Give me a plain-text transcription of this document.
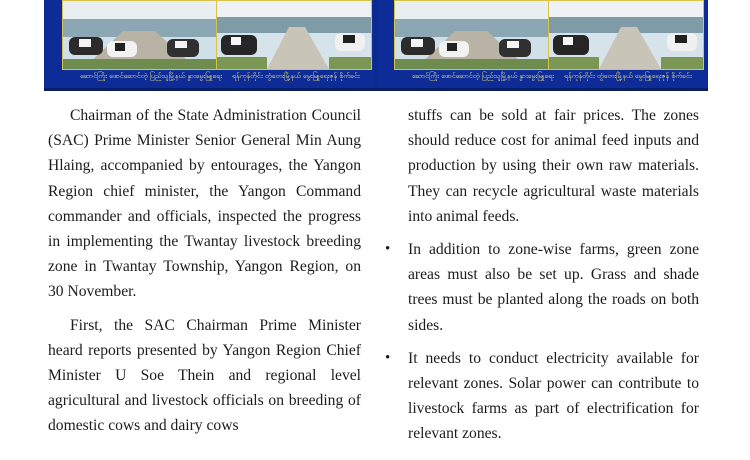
ဆောင်ကြိုး ဖောင်ဆောင်တဲ့ ပြည်သူမြို့နယ် နွားမွေးမြူရေး ရန်ကုန်တိုင်း တွံတေးမြို့နယ် မွေးမြူရေးဇုန် စိုက်ခင်း	ဆောင်ကြိုး ဖောင်ဆောင်တဲ့ ပြည်သူမြို့နယ် နွားမွေးမြူရေး ရန်ကုန်တိုင်း တွံတေးမြို့နယ် မွေးမြူရေးဇုန် စိုက်ခင်း

Chairman of the State Administration Council (SAC) Prime Minister Senior General Min Aung Hlaing, accompanied by entourages, the Yangon Region chief minister, the Yangon Command commander and officials, inspected the progress in implementing the Twantay livestock breeding zone in Twantay Township, Yangon Region, on 30 November.

First, the SAC Chairman Prime Minister heard reports presented by Yangon Region Chief Minister U Soe Thein and regional level agricultural and livestock officials on breeding of domestic cows and dairy cows

stuffs can be sold at fair prices. The zones should reduce cost for animal feed inputs and production by using their own raw materials. They can recycle agricultural waste materials into animal feeds.

• In addition to zone-wise farms, green zone areas must also be set up. Grass and shade trees must be planted along the roads on both sides.
• It needs to conduct electricity available for relevant zones. Solar power can contribute to livestock farms as part of electrification for relevant zones.
